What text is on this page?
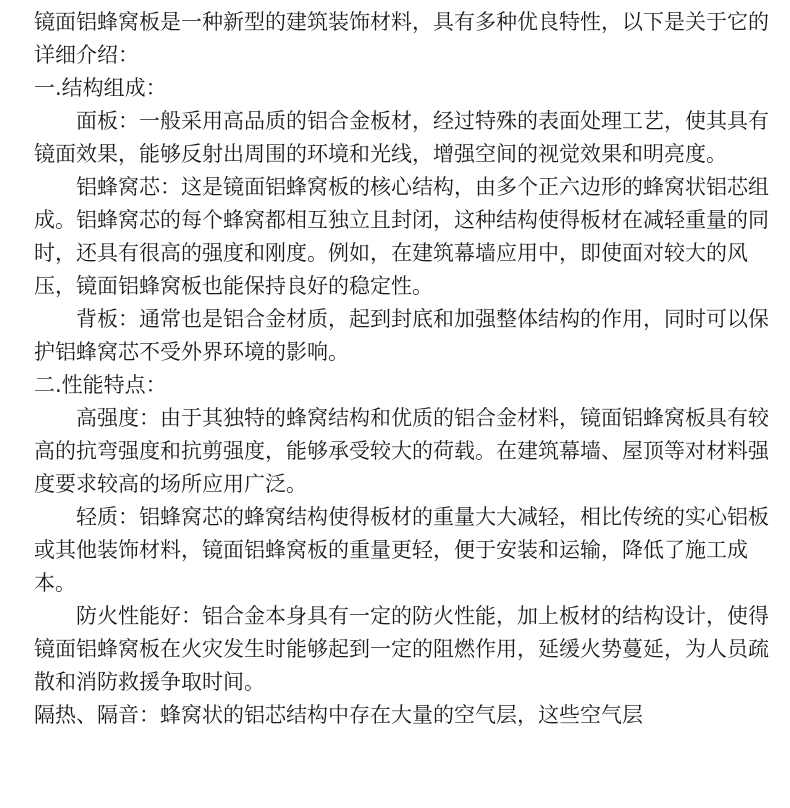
镜面铝蜂窝板是一种新型的建筑装饰材料，具有多种优良特性，以下是关于它的详细介绍：

一.结构组成：

面板：一般采用高品质的铝合金板材，经过特殊的表面处理工艺，使其具有镜面效果，能够反射出周围的环境和光线，增强空间的视觉效果和明亮度。

铝蜂窝芯：这是镜面铝蜂窝板的核心结构，由多个正六边形的蜂窝状铝芯组成。铝蜂窝芯的每个蜂窝都相互独立且封闭，这种结构使得板材在减轻重量的同时，还具有很高的强度和刚度。例如，在建筑幕墙应用中，即使面对较大的风压，镜面铝蜂窝板也能保持良好的稳定性。

背板：通常也是铝合金材质，起到封底和加强整体结构的作用，同时可以保护铝蜂窝芯不受外界环境的影响。

二.性能特点：

高强度：由于其独特的蜂窝结构和优质的铝合金材料，镜面铝蜂窝板具有较高的抗弯强度和抗剪强度，能够承受较大的荷载。在建筑幕墙、屋顶等对材料强度要求较高的场所应用广泛。

轻质：铝蜂窝芯的蜂窝结构使得板材的重量大大减轻，相比传统的实心铝板或其他装饰材料，镜面铝蜂窝板的重量更轻，便于安装和运输，降低了施工成本。

防火性能好：铝合金本身具有一定的防火性能，加上板材的结构设计，使得镜面铝蜂窝板在火灾发生时能够起到一定的阻燃作用，延缓火势蔓延，为人员疏散和消防救援争取时间。

隔热、隔音：蜂窝状的铝芯结构中存在大量的空气层，这些空气层
